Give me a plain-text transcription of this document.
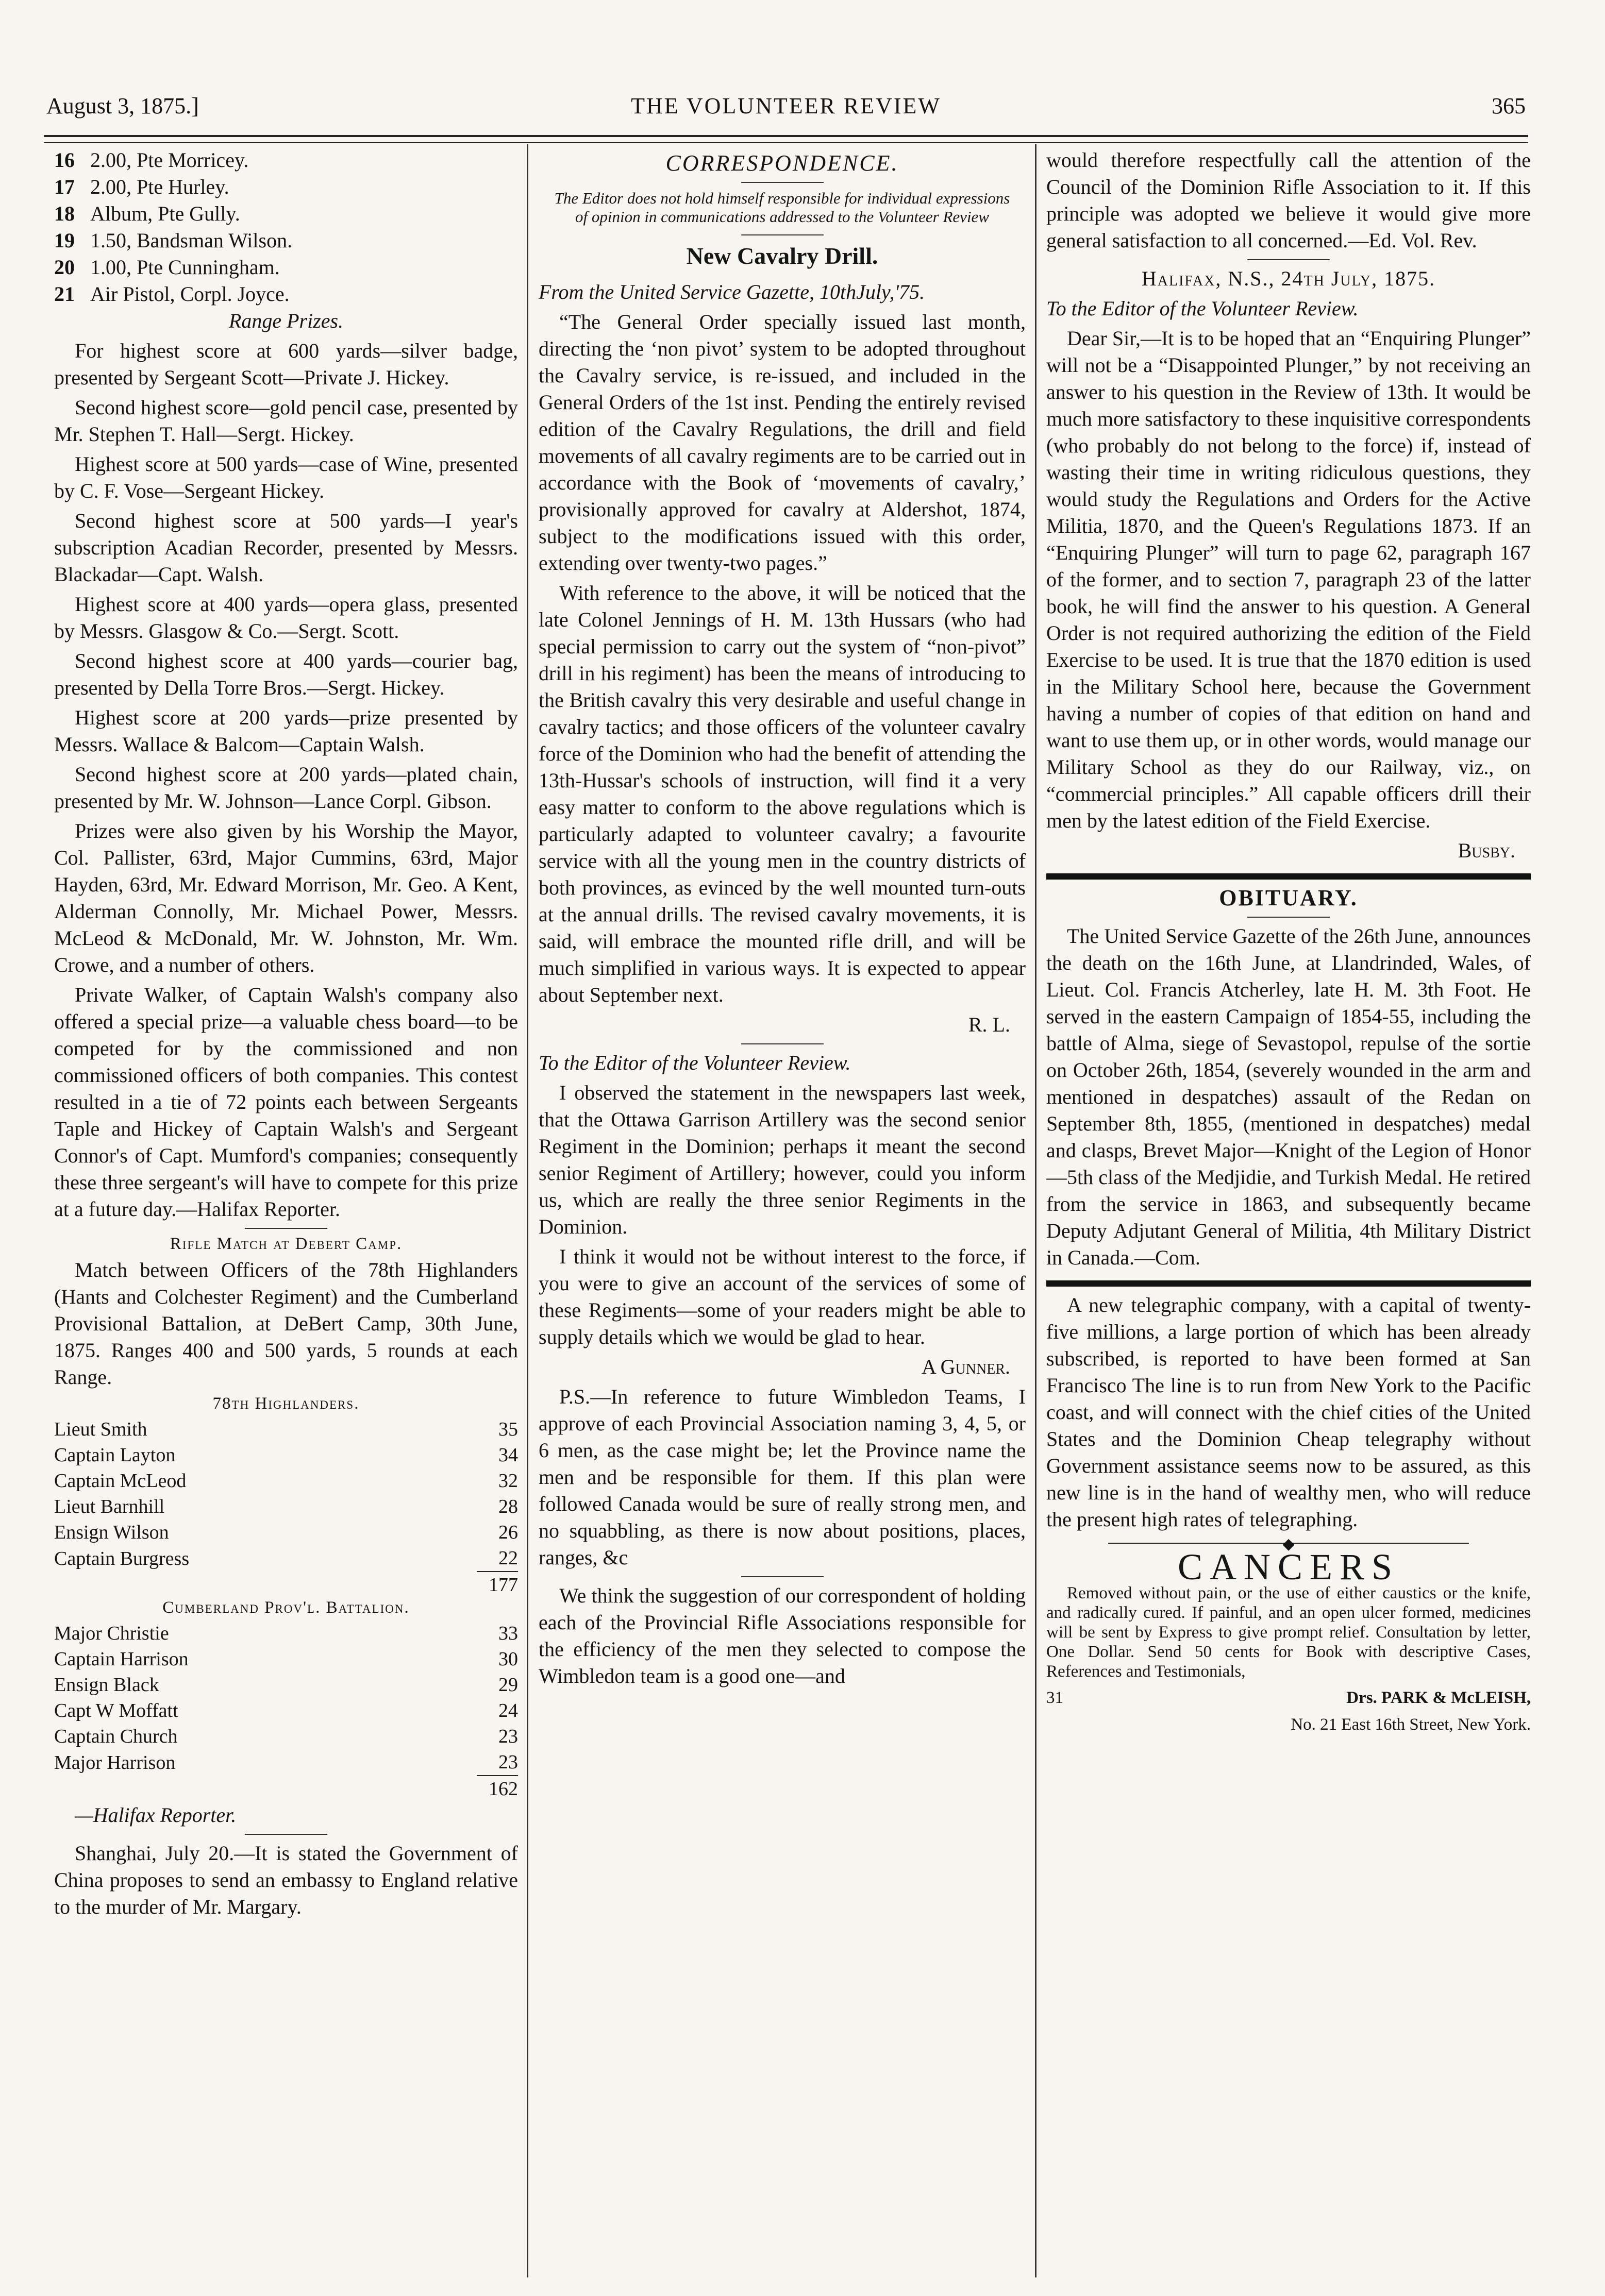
August 3, 1875.]	THE VOLUNTEER REVIEW	365
16 2.00, Pte Morricey.
17 2.00, Pte Hurley.
18 Album, Pte Gully.
19 1.50, Bandsman Wilson.
20 1.00, Pte Cunningham.
21 Air Pistol, Corpl. Joyce.

Range Prizes.

For highest score at 600 yards—silver badge, presented by Sergeant Scott—Private J. Hickey.

Second highest score—gold pencil case, presented by Mr. Stephen T. Hall—Sergt. Hickey.

Highest score at 500 yards—case of Wine, presented by C. F. Vose—Sergeant Hickey.

Second highest score at 500 yards—I year's subscription Acadian Recorder, presented by Messrs. Blackadar—Capt. Walsh.

Highest score at 400 yards—opera glass, presented by Messrs. Glasgow & Co.—Sergt. Scott.

Second highest score at 400 yards—courier bag, presented by Della Torre Bros.—Sergt. Hickey.

Highest score at 200 yards—prize presented by Messrs. Wallace & Balcom—Captain Walsh.

Second highest score at 200 yards—plated chain, presented by Mr. W. Johnson—Lance Corpl. Gibson.

Prizes were also given by his Worship the Mayor, Col. Pallister, 63rd, Major Cummins, 63rd, Major Hayden, 63rd, Mr. Edward Morrison, Mr. Geo. A Kent, Alderman Connolly, Mr. Michael Power, Messrs. McLeod & McDonald, Mr. W. Johnston, Mr. Wm. Crowe, and a number of others.

Private Walker, of Captain Walsh's company also offered a special prize—a valuable chess board—to be competed for by the commissioned and non commissioned officers of both companies. This contest resulted in a tie of 72 points each between Sergeants Taple and Hickey of Captain Walsh's and Sergeant Connor's of Capt. Mumford's companies; consequently these three sergeant's will have to compete for this prize at a future day.—Halifax Reporter.

Rifle Match at Debert Camp.

Match between Officers of the 78th Highlanders (Hants and Colchester Regiment) and the Cumberland Provisional Battalion, at DeBert Camp, 30th June, 1875. Ranges 400 and 500 yards, 5 rounds at each Range.

78th Highlanders.

Lieut Smith	35
Captain Layton	34
Captain McLeod	32
Lieut Barnhill	28
Ensign Wilson	26
Captain Burgress	22
	177

Cumberland Prov'l. Battalion.

Major Christie	33
Captain Harrison	30
Ensign Black	29
Capt W Moffatt	24
Captain Church	23
Major Harrison	23
	162

—Halifax Reporter.

Shanghai, July 20.—It is stated the Government of China proposes to send an embassy to England relative to the murder of Mr. Margary.

CORRESPONDENCE.
The Editor does not hold himself responsible for individual expressions of opinion in communications addressed to the Volunteer Review
New Cavalry Drill.

From the United Service Gazette, 10thJuly,'75.

“The General Order specially issued last month, directing the ‘non pivot’ system to be adopted throughout the Cavalry service, is re-issued, and included in the General Orders of the 1st inst. Pending the entirely revised edition of the Cavalry Regulations, the drill and field movements of all cavalry regiments are to be carried out in accordance with the Book of ‘movements of cavalry,’ provisionally approved for cavalry at Aldershot, 1874, subject to the modifications issued with this order, extending over twenty-two pages.”

With reference to the above, it will be noticed that the late Colonel Jennings of H. M. 13th Hussars (who had special permission to carry out the system of “non-pivot” drill in his regiment) has been the means of introducing to the British cavalry this very desirable and useful change in cavalry tactics; and those officers of the volunteer cavalry force of the Dominion who had the benefit of attending the 13th-Hussar's schools of instruction, will find it a very easy matter to conform to the above regulations which is particularly adapted to volunteer cavalry; a favourite service with all the young men in the country districts of both provinces, as evinced by the well mounted turn-outs at the annual drills. The revised cavalry movements, it is said, will embrace the mounted rifle drill, and will be much simplified in various ways. It is expected to appear about September next.

R. L.

To the Editor of the Volunteer Review.

I observed the statement in the newspapers last week, that the Ottawa Garrison Artillery was the second senior Regiment in the Dominion; perhaps it meant the second senior Regiment of Artillery; however, could you inform us, which are really the three senior Regiments in the Dominion.

I think it would not be without interest to the force, if you were to give an account of the services of some of these Regiments—some of your readers might be able to supply details which we would be glad to hear.

A Gunner.

P.S.—In reference to future Wimbledon Teams, I approve of each Provincial Association naming 3, 4, 5, or 6 men, as the case might be; let the Province name the men and be responsible for them. If this plan were followed Canada would be sure of really strong men, and no squabbling, as there is now about positions, places, ranges, &c

We think the suggestion of our correspondent of holding each of the Provincial Rifle Associations responsible for the efficiency of the men they selected to compose the Wimbledon team is a good one—and

would therefore respectfully call the attention of the Council of the Dominion Rifle Association to it. If this principle was adopted we believe it would give more general satisfaction to all concerned.—Ed. Vol. Rev.

Halifax, N.S., 24th July, 1875.

To the Editor of the Volunteer Review.

Dear Sir,—It is to be hoped that an “Enquiring Plunger” will not be a “Disappointed Plunger,” by not receiving an answer to his question in the Review of 13th. It would be much more satisfactory to these inquisitive correspondents (who probably do not belong to the force) if, instead of wasting their time in writing ridiculous questions, they would study the Regulations and Orders for the Active Militia, 1870, and the Queen's Regulations 1873. If an “Enquiring Plunger” will turn to page 62, paragraph 167 of the former, and to section 7, paragraph 23 of the latter book, he will find the answer to his question. A General Order is not required authorizing the edition of the Field Exercise to be used. It is true that the 1870 edition is used in the Military School here, because the Government having a number of copies of that edition on hand and want to use them up, or in other words, would manage our Military School as they do our Railway, viz., on “commercial principles.” All capable officers drill their men by the latest edition of the Field Exercise.

Busby.

OBITUARY.

The United Service Gazette of the 26th June, announces the death on the 16th June, at Llandrinded, Wales, of Lieut. Col. Francis Atcherley, late H. M. 3th Foot. He served in the eastern Campaign of 1854-55, including the battle of Alma, siege of Sevastopol, repulse of the sortie on October 26th, 1854, (severely wounded in the arm and mentioned in despatches) assault of the Redan on September 8th, 1855, (mentioned in despatches) medal and clasps, Brevet Major—Knight of the Legion of Honor—5th class of the Medjidie, and Turkish Medal. He retired from the service in 1863, and subsequently became Deputy Adjutant General of Militia, 4th Military District in Canada.—Com.

A new telegraphic company, with a capital of twenty-five millions, a large portion of which has been already subscribed, is reported to have been formed at San Francisco The line is to run from New York to the Pacific coast, and will connect with the chief cities of the United States and the Dominion Cheap telegraphy without Government assistance seems now to be assured, as this new line is in the hand of wealthy men, who will reduce the present high rates of telegraphing.

◆
CANCERS

Removed without pain, or the use of either caustics or the knife, and radically cured. If painful, and an open ulcer formed, medicines will be sent by Express to give prompt relief. Consultation by letter, One Dollar. Send 50 cents for Book with descriptive Cases, References and Testimonials,

31	Drs. PARK & McLEISH,
No. 21 East 16th Street, New York.
